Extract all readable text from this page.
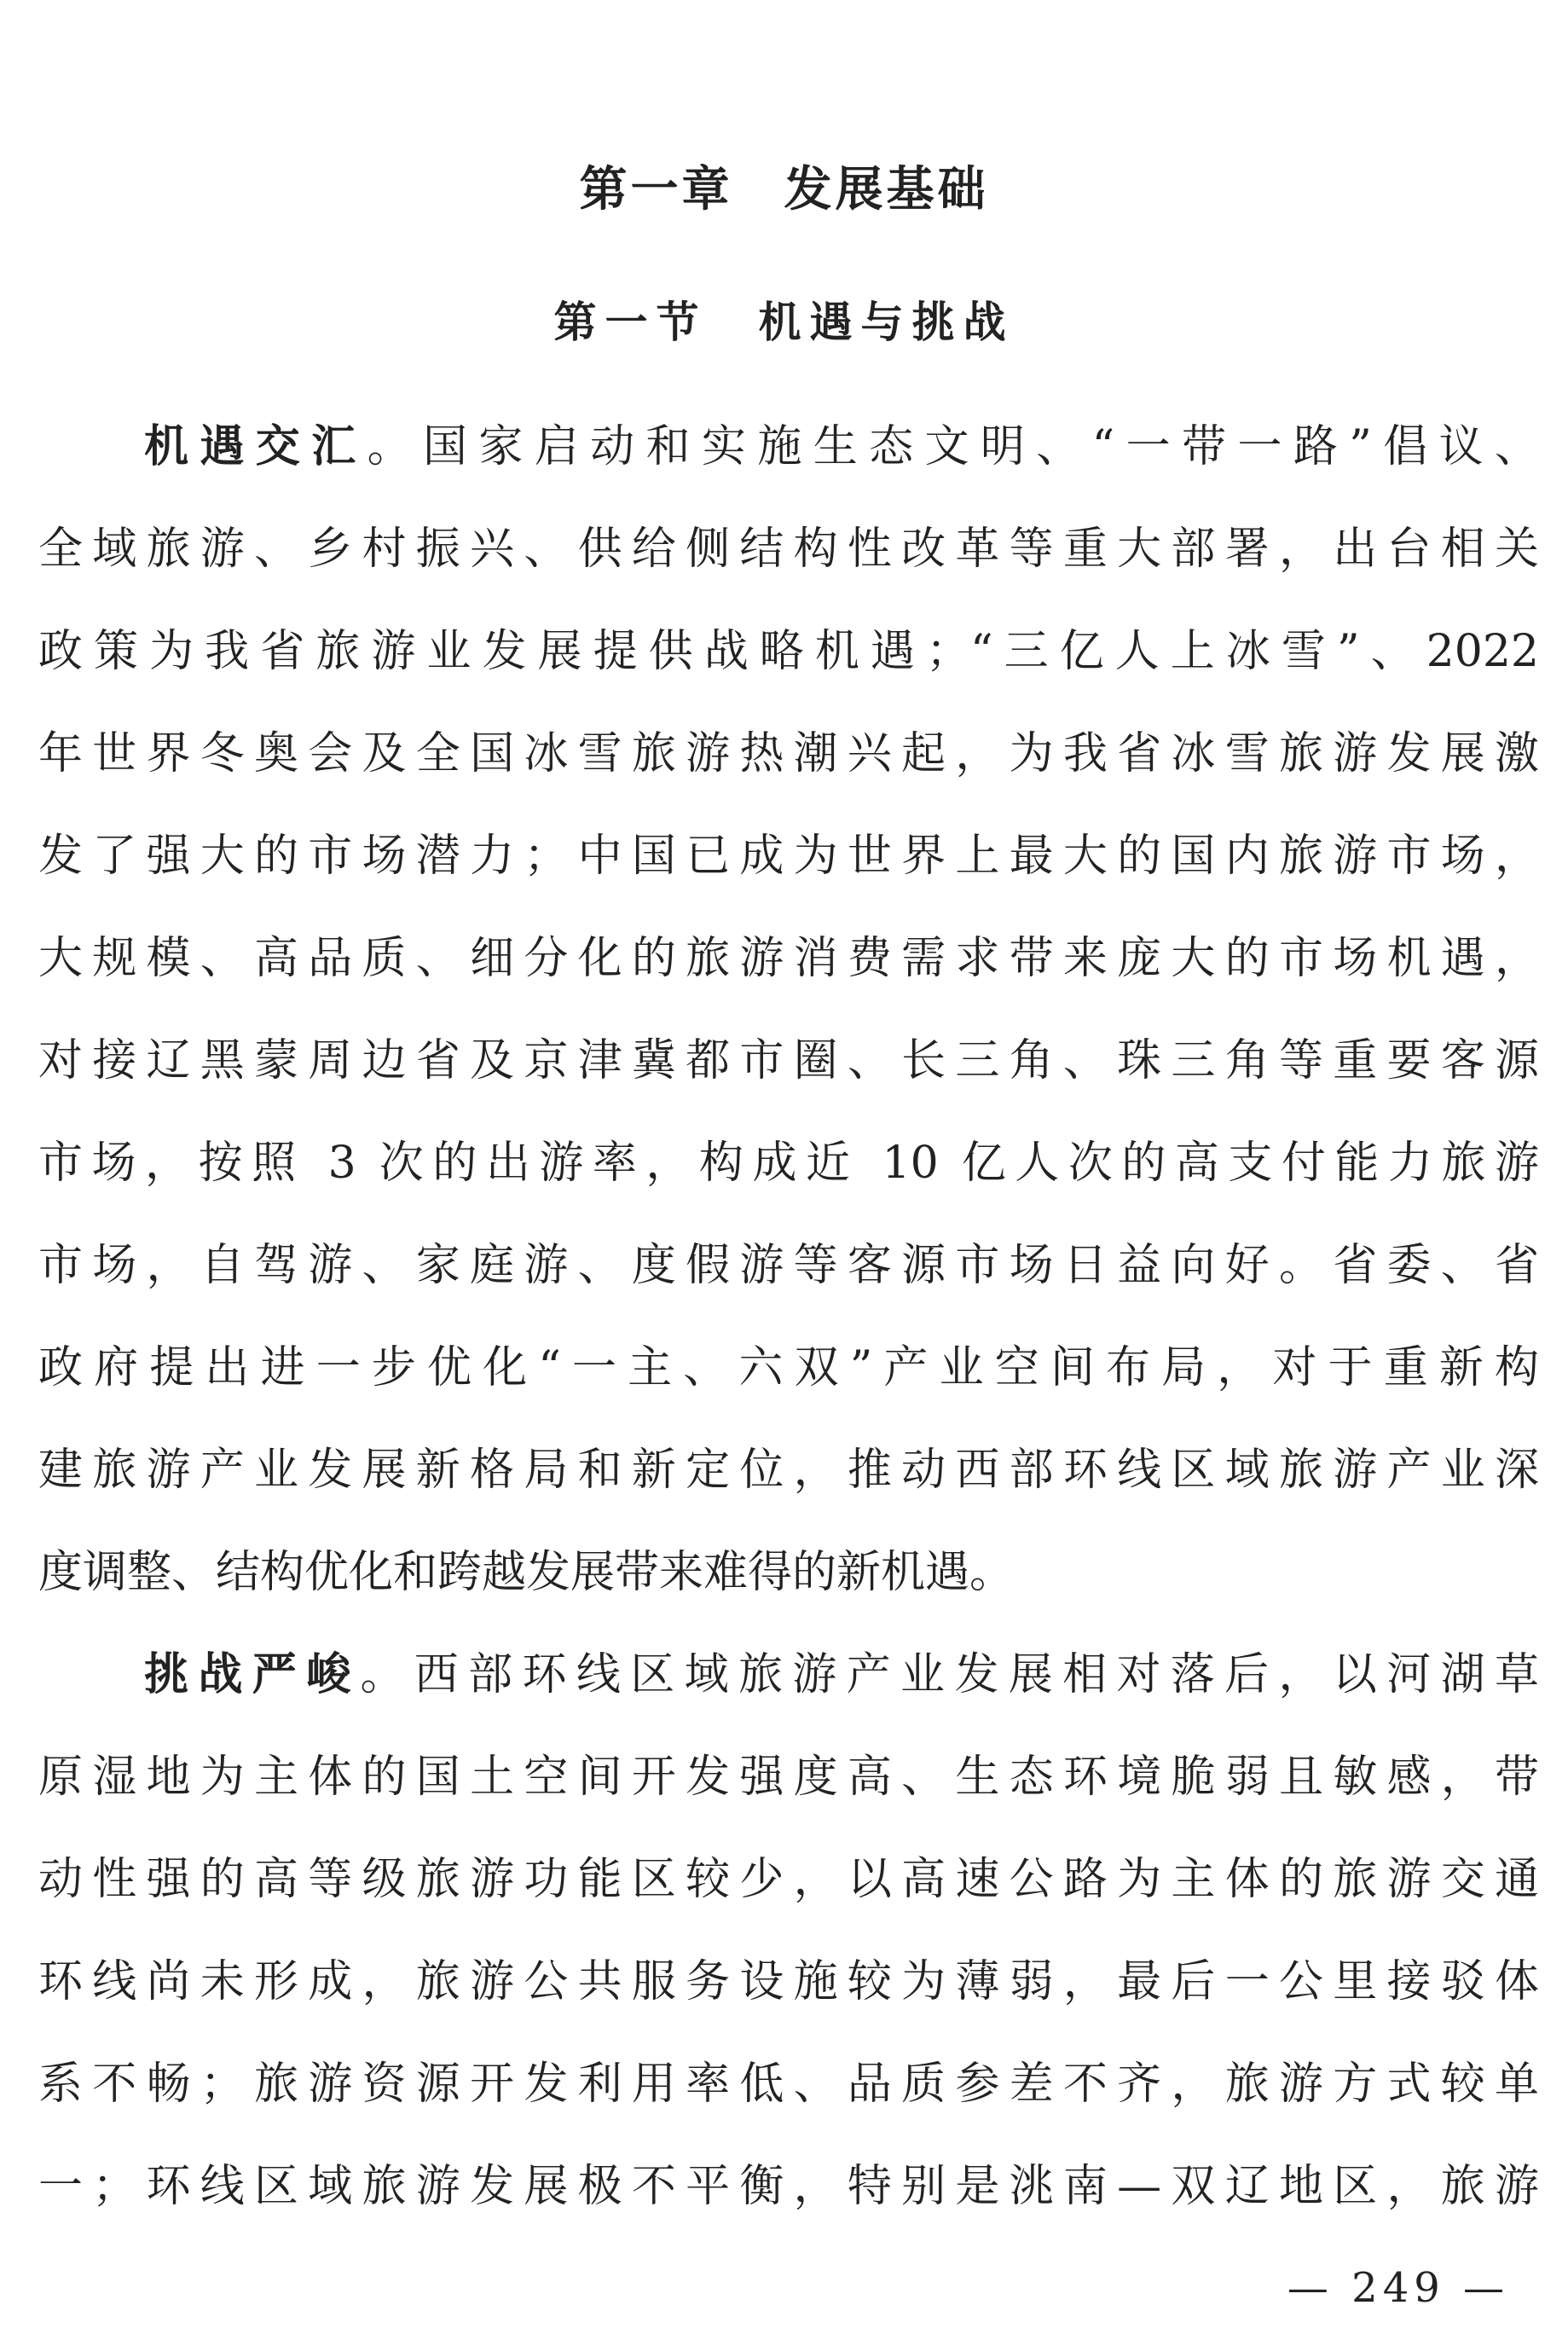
第一章　发展基础
第一节　机遇与挑战
机遇交汇。国家启动和实施生态文明、“一带一路”倡议、
全域旅游、乡村振兴、供给侧结构性改革等重大部署，出台相关
政策为我省旅游业发展提供战略机遇；“三亿人上冰雪”、2022
年世界冬奥会及全国冰雪旅游热潮兴起，为我省冰雪旅游发展激
发了强大的市场潜力；中国已成为世界上最大的国内旅游市场，
大规模、高品质、细分化的旅游消费需求带来庞大的市场机遇，
对接辽黑蒙周边省及京津冀都市圈、长三角、珠三角等重要客源
市场，按照 3 次的出游率，构成近 10 亿人次的高支付能力旅游
市场，自驾游、家庭游、度假游等客源市场日益向好。省委、省
政府提出进一步优化“一主、六双”产业空间布局，对于重新构
建旅游产业发展新格局和新定位，推动西部环线区域旅游产业深
度调整、结构优化和跨越发展带来难得的新机遇。
挑战严峻。西部环线区域旅游产业发展相对落后，以河湖草
原湿地为主体的国土空间开发强度高、生态环境脆弱且敏感，带
动性强的高等级旅游功能区较少，以高速公路为主体的旅游交通
环线尚未形成，旅游公共服务设施较为薄弱，最后一公里接驳体
系不畅；旅游资源开发利用率低、品质参差不齐，旅游方式较单
一；环线区域旅游发展极不平衡，特别是洮南—双辽地区，旅游
— 249 —
